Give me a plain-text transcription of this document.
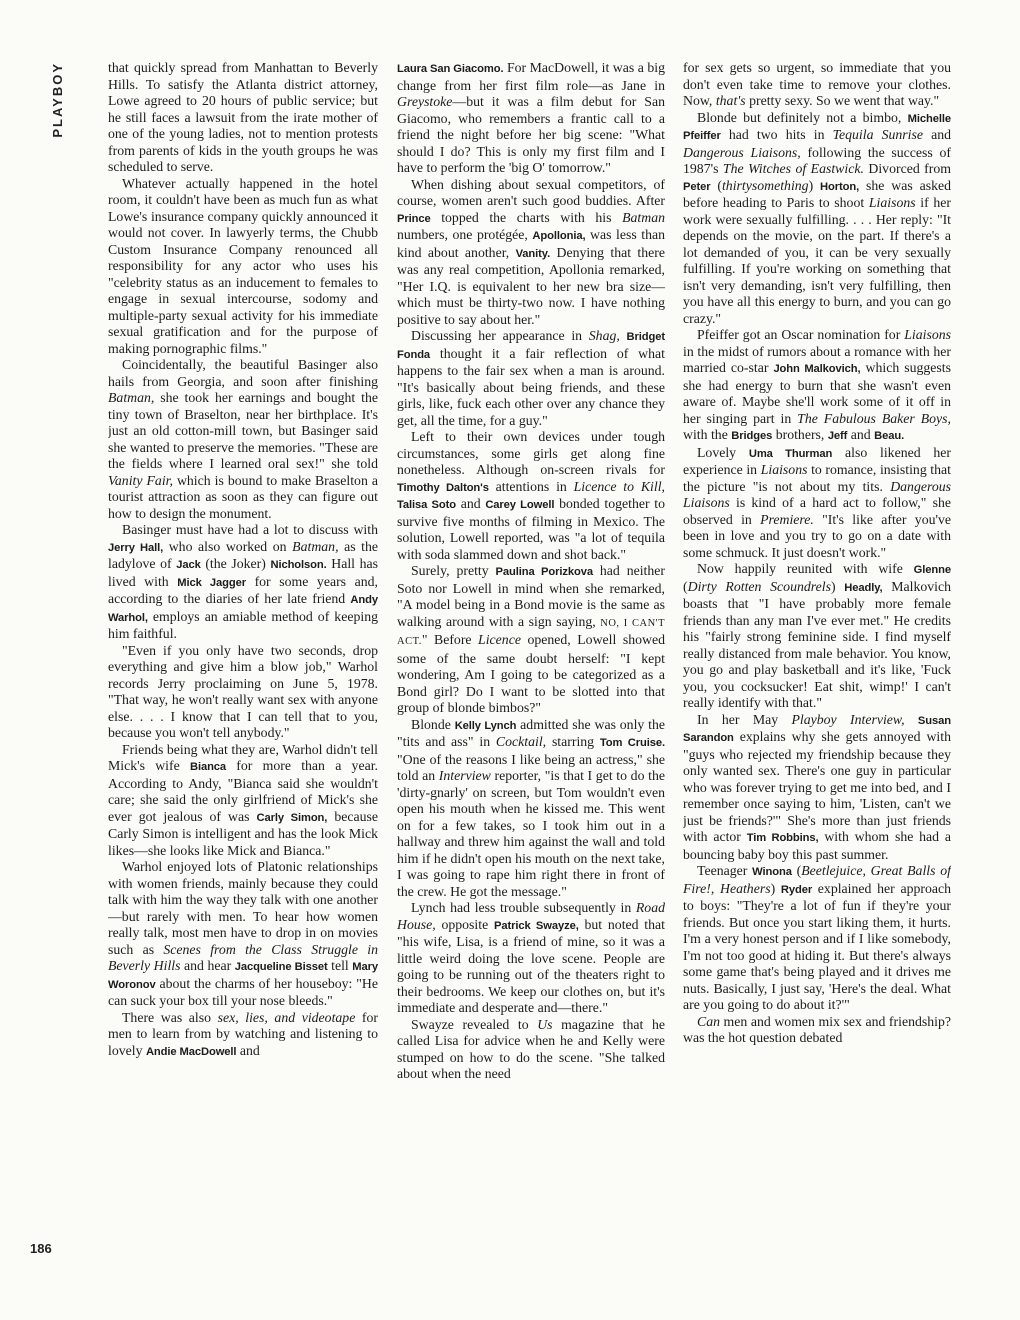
PLAYBOY	that quickly spread from Manhattan to Beverly Hills. To satisfy the Atlanta district attorney, Lowe agreed to 20 hours of public service; but he still faces a lawsuit from the irate mother of one of the young ladies, not to mention protests from parents of kids in the youth groups he was scheduled to serve.

Whatever actually happened in the hotel room, it couldn't have been as much fun as what Lowe's insurance company quickly announced it would not cover. In lawyerly terms, the Chubb Custom Insurance Company renounced all responsibility for any actor who uses his "celebrity status as an inducement to females to engage in sexual intercourse, sodomy and multiple-party sexual activity for his immediate sexual gratification and for the purpose of making pornographic films."

Coincidentally, the beautiful Basinger also hails from Georgia, and soon after finishing Batman, she took her earnings and bought the tiny town of Braselton, near her birthplace. It's just an old cotton-mill town, but Basinger said she wanted to preserve the memories. "These are the fields where I learned oral sex!" she told Vanity Fair, which is bound to make Braselton a tourist attraction as soon as they can figure out how to design the monument.

Basinger must have had a lot to discuss with Jerry Hall, who also worked on Batman, as the ladylove of Jack (the Joker) Nicholson. Hall has lived with Mick Jagger for some years and, according to the diaries of her late friend Andy Warhol, employs an amiable method of keeping him faithful.

"Even if you only have two seconds, drop everything and give him a blow job," Warhol records Jerry proclaiming on June 5, 1978. "That way, he won't really want sex with anyone else. . . . I know that I can tell that to you, because you won't tell anybody."

Friends being what they are, Warhol didn't tell Mick's wife Bianca for more than a year. According to Andy, "Bianca said she wouldn't care; she said the only girlfriend of Mick's she ever got jealous of was Carly Simon, because Carly Simon is intelligent and has the look Mick likes—she looks like Mick and Bianca."

Warhol enjoyed lots of Platonic relationships with women friends, mainly because they could talk with him the way they talk with one another—but rarely with men. To hear how women really talk, most men have to drop in on movies such as Scenes from the Class Struggle in Beverly Hills and hear Jacqueline Bisset tell Mary Woronov about the charms of her houseboy: "He can suck your box till your nose bleeds."

There was also sex, lies, and videotape for men to learn from by watching and listening to lovely Andie MacDowell and

Laura San Giacomo. For MacDowell, it was a big change from her first film role—as Jane in Greystoke—but it was a film debut for San Giacomo, who remembers a frantic call to a friend the night before her big scene: "What should I do? This is only my first film and I have to perform the 'big O' tomorrow."

When dishing about sexual competitors, of course, women aren't such good buddies. After Prince topped the charts with his Batman numbers, one protégée, Apollonia, was less than kind about another, Vanity. Denying that there was any real competition, Apollonia remarked, "Her I.Q. is equivalent to her new bra size—which must be thirty-two now. I have nothing positive to say about her."

Discussing her appearance in Shag, Bridget Fonda thought it a fair reflection of what happens to the fair sex when a man is around. "It's basically about being friends, and these girls, like, fuck each other over any chance they get, all the time, for a guy."

Left to their own devices under tough circumstances, some girls get along fine nonetheless. Although on-screen rivals for Timothy Dalton's attentions in Licence to Kill, Talisa Soto and Carey Lowell bonded together to survive five months of filming in Mexico. The solution, Lowell reported, was "a lot of tequila with soda slammed down and shot back."

Surely, pretty Paulina Porizkova had neither Soto nor Lowell in mind when she remarked, "A model being in a Bond movie is the same as walking around with a sign saying, NO, I CAN'T ACT." Before Licence opened, Lowell showed some of the same doubt herself: "I kept wondering, Am I going to be categorized as a Bond girl? Do I want to be slotted into that group of blonde bimbos?"

Blonde Kelly Lynch admitted she was only the "tits and ass" in Cocktail, starring Tom Cruise. "One of the reasons I like being an actress," she told an Interview reporter, "is that I get to do the 'dirty-gnarly' on screen, but Tom wouldn't even open his mouth when he kissed me. This went on for a few takes, so I took him out in a hallway and threw him against the wall and told him if he didn't open his mouth on the next take, I was going to rape him right there in front of the crew. He got the message."

Lynch had less trouble subsequently in Road House, opposite Patrick Swayze, but noted that "his wife, Lisa, is a friend of mine, so it was a little weird doing the love scene. People are going to be running out of the theaters right to their bedrooms. We keep our clothes on, but it's immediate and desperate and—there."

Swayze revealed to Us magazine that he called Lisa for advice when he and Kelly were stumped on how to do the scene. "She talked about when the need

for sex gets so urgent, so immediate that you don't even take time to remove your clothes. Now, that's pretty sexy. So we went that way."

Blonde but definitely not a bimbo, Michelle Pfeiffer had two hits in Tequila Sunrise and Dangerous Liaisons, following the success of 1987's The Witches of Eastwick. Divorced from Peter (thirtysomething) Horton, she was asked before heading to Paris to shoot Liaisons if her work were sexually fulfilling. . . . Her reply: "It depends on the movie, on the part. If there's a lot demanded of you, it can be very sexually fulfilling. If you're working on something that isn't very demanding, isn't very fulfilling, then you have all this energy to burn, and you can go crazy."

Pfeiffer got an Oscar nomination for Liaisons in the midst of rumors about a romance with her married co-star John Malkovich, which suggests she had energy to burn that she wasn't even aware of. Maybe she'll work some of it off in her singing part in The Fabulous Baker Boys, with the Bridges brothers, Jeff and Beau.

Lovely Uma Thurman also likened her experience in Liaisons to romance, insisting that the picture "is not about my tits. Dangerous Liaisons is kind of a hard act to follow," she observed in Premiere. "It's like after you've been in love and you try to go on a date with some schmuck. It just doesn't work."

Now happily reunited with wife Glenne (Dirty Rotten Scoundrels) Headly, Malkovich boasts that "I have probably more female friends than any man I've ever met." He credits his "fairly strong feminine side. I find myself really distanced from male behavior. You know, you go and play basketball and it's like, 'Fuck you, you cocksucker! Eat shit, wimp!' I can't really identify with that."

In her May Playboy Interview, Susan Sarandon explains why she gets annoyed with "guys who rejected my friendship because they only wanted sex. There's one guy in particular who was forever trying to get me into bed, and I remember once saying to him, 'Listen, can't we just be friends?'" She's more than just friends with actor Tim Robbins, with whom she had a bouncing baby boy this past summer.

Teenager Winona (Beetlejuice, Great Balls of Fire!, Heathers) Ryder explained her approach to boys: "They're a lot of fun if they're your friends. But once you start liking them, it hurts. I'm a very honest person and if I like somebody, I'm not too good at hiding it. But there's always some game that's being played and it drives me nuts. Basically, I just say, 'Here's the deal. What are you going to do about it?'"

Can men and women mix sex and friendship? was the hot question debated

186
